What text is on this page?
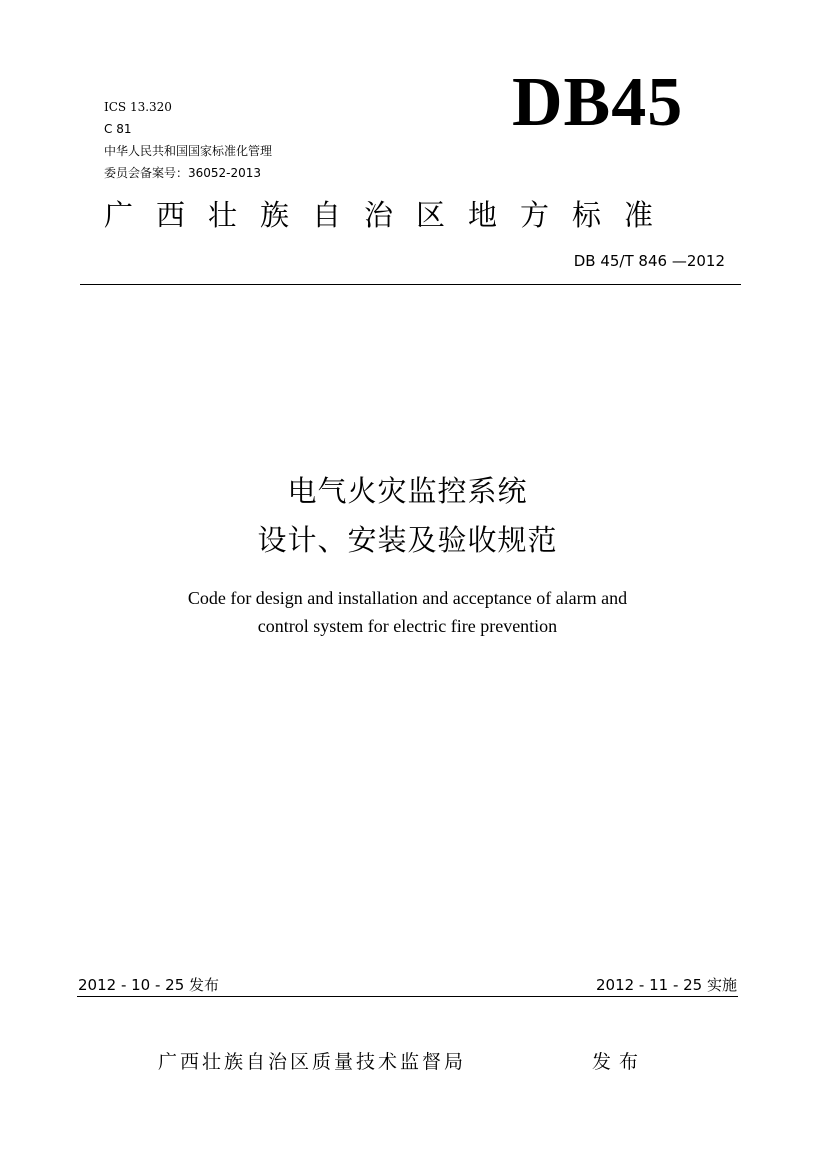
ICS 13.320
C 81
中华人民共和国国家标准化管理
委员会备案号：36052-2013
DB45
广西壮族自治区地方标准
DB 45/T 846 —2012
电气火灾监控系统
设计、安装及验收规范
Code for design and installation and acceptance of alarm and
control system for electric fire prevention
2012 - 10 - 25 发布	2012 - 11 - 25 实施
广西壮族自治区质量技术监督局	发布
